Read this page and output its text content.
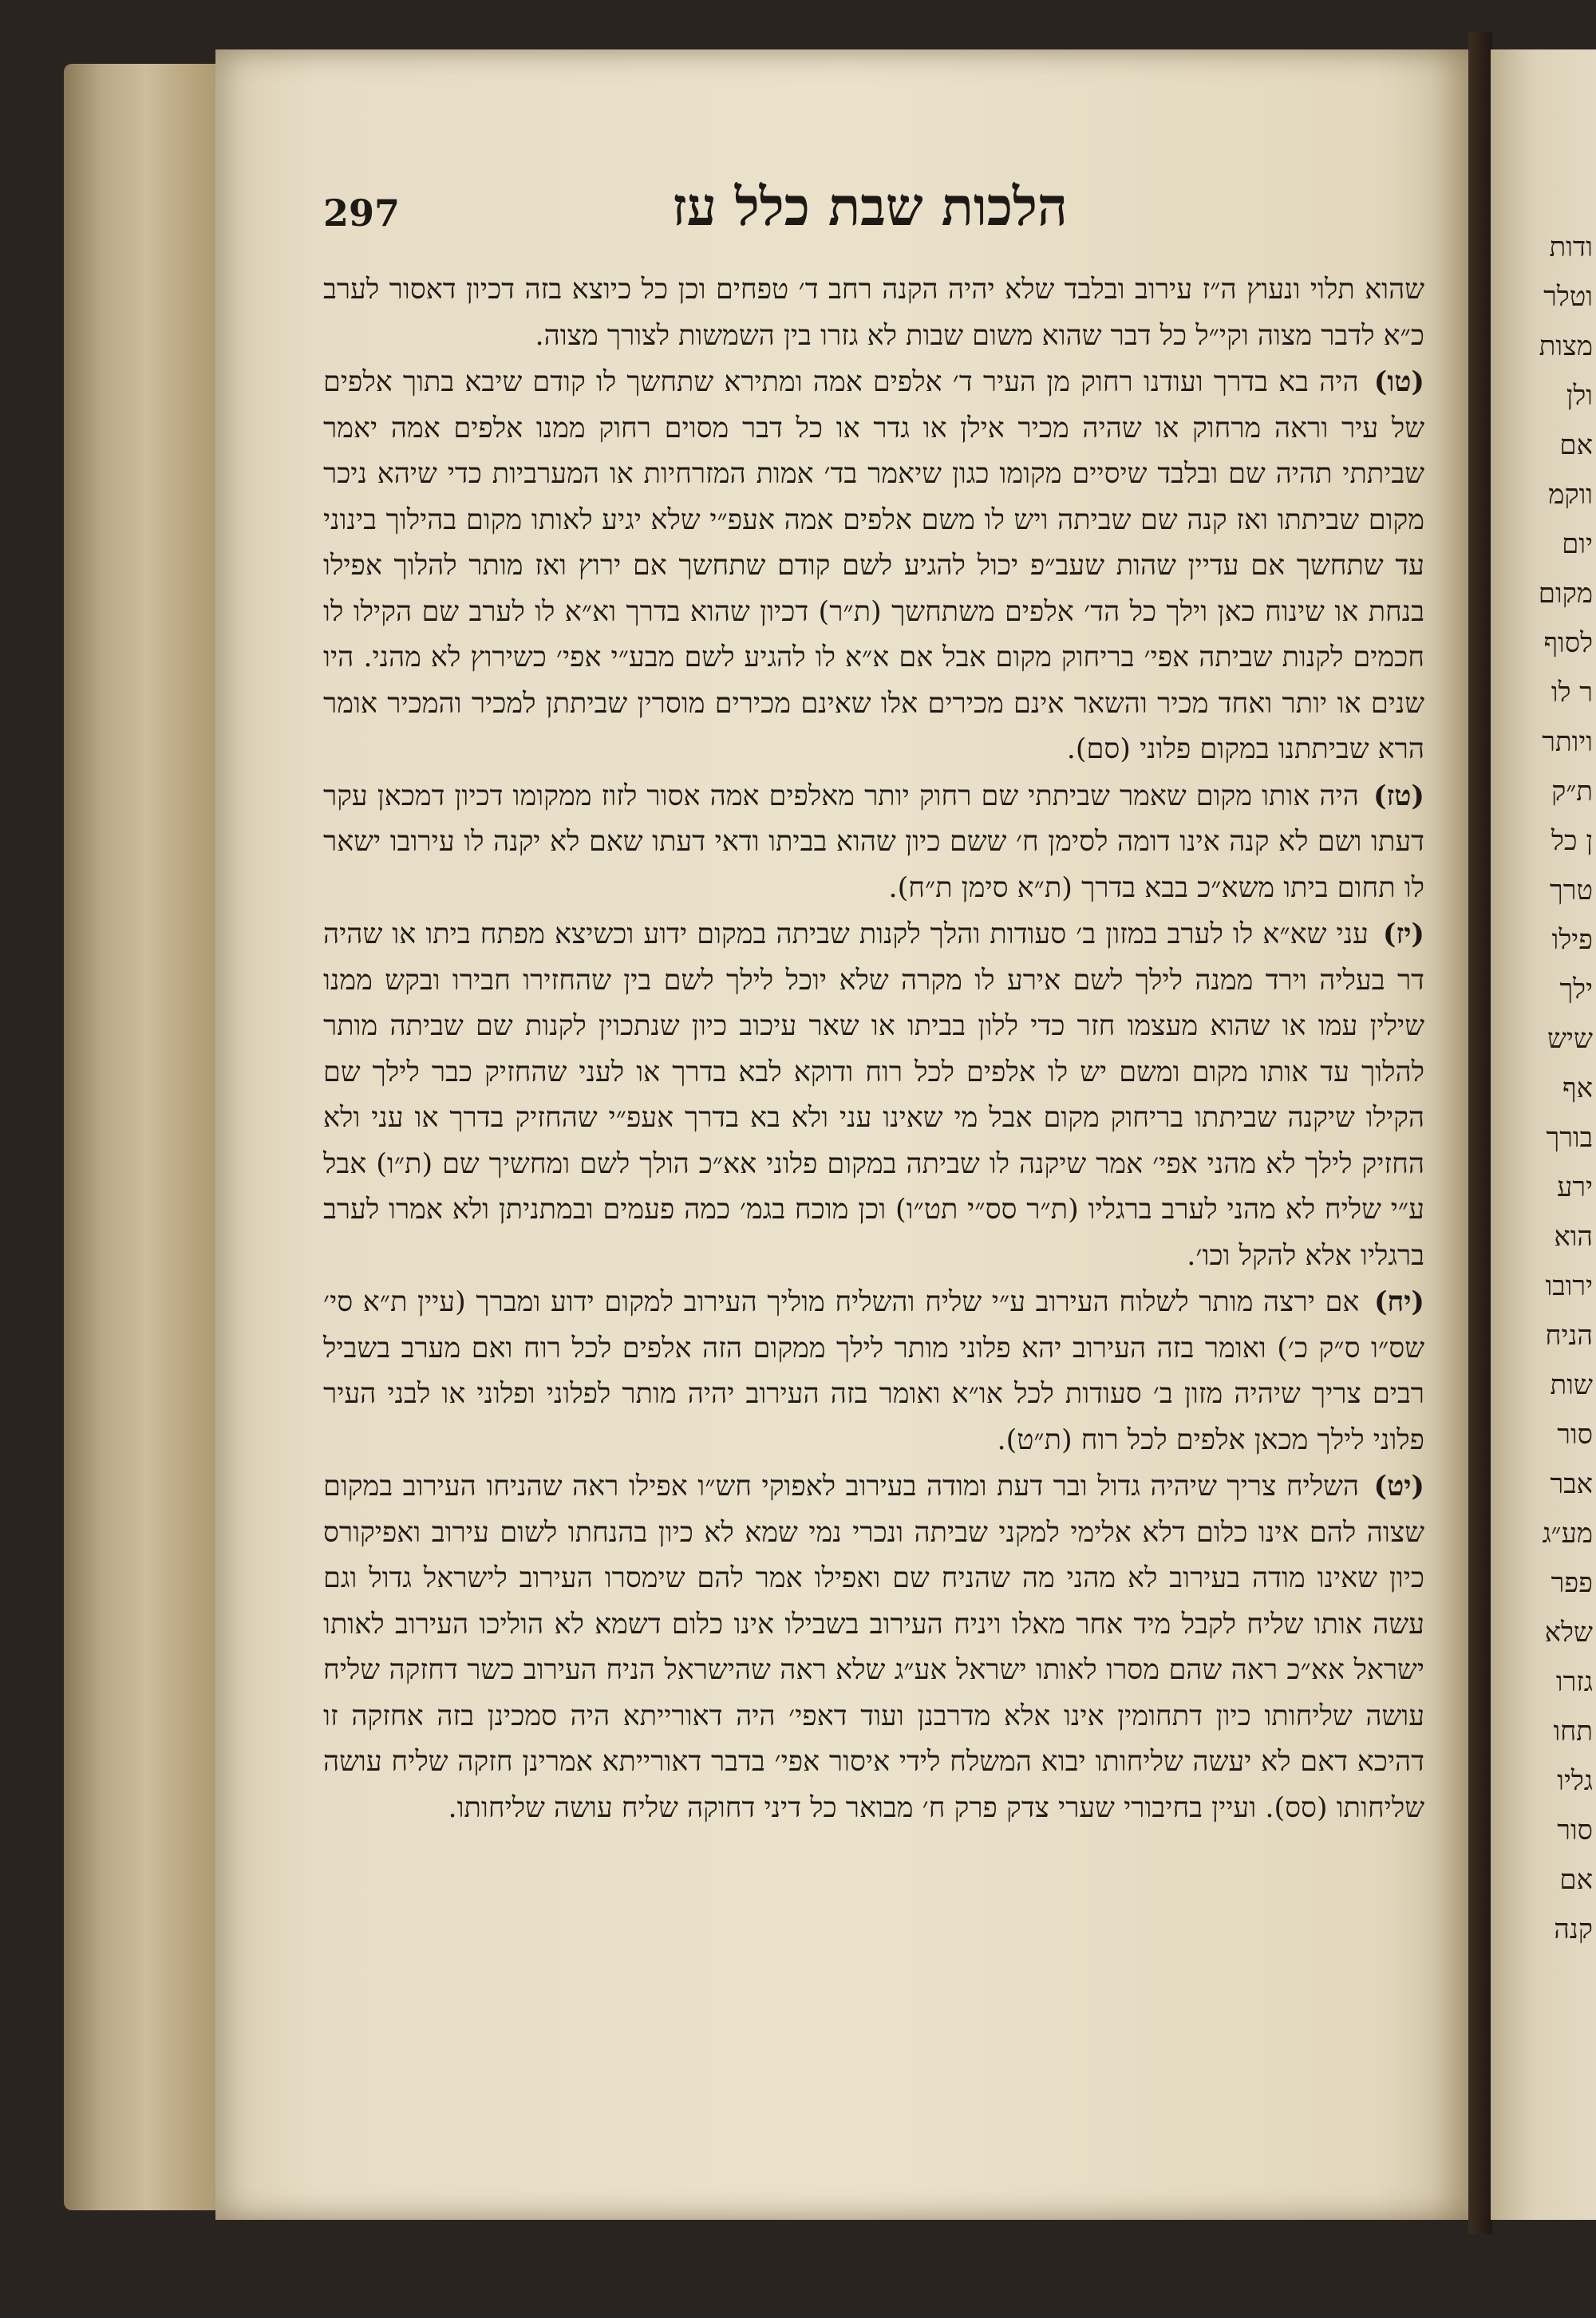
ודות
וטלר
מצות
ולן
אם
ווקמ
יום
מקום
לסוף
ר לו
ויותר
ת״ק
ן כל
טרך
פילו
ילך
שיש
אף
בורך
ירע
הוא
ירובו
הניח
שות
סור
אבר
מע״ג
פפר
שלא
גזרו
תחו
גליו
סור
אם
קנה
297	הלכות שבת כלל עז

שהוא תלוי ונעוץ ה״ז עירוב ובלבד שלא יהיה הקנה רחב ד׳ טפחים וכן כל כיוצא בזה דכיון דאסור לערב כ״א לדבר מצוה וקי״ל כל דבר שהוא משום שבות לא גזרו בין השמשות לצורך מצוה.

(טו) היה בא בדרך ועודנו רחוק מן העיר ד׳ אלפים אמה ומתירא שתחשך לו קודם שיבא בתוך אלפים של עיר וראה מרחוק או שהיה מכיר אילן או גדר או כל דבר מסוים רחוק ממנו אלפים אמה יאמר שביתתי תהיה שם ובלבד שיסיים מקומו כגון שיאמר בד׳ אמות המזרחיות או המערביות כדי שיהא ניכר מקום שביתתו ואז קנה שם שביתה ויש לו משם אלפים אמה אעפ״י שלא יגיע לאותו מקום בהילוך בינוני עד שתחשך אם עדיין שהות שעב״פ יכול להגיע לשם קודם שתחשך אם ירוץ ואז מותר להלוך אפילו בנחת או שינוח כאן וילך כל הד׳ אלפים משתחשך (ת״ר) דכיון שהוא בדרך וא״א לו לערב שם הקילו לו חכמים לקנות שביתה אפי׳ בריחוק מקום אבל אם א״א לו להגיע לשם מבע״י אפי׳ כשירוץ לא מהני. היו שנים או יותר ואחד מכיר והשאר אינם מכירים אלו שאינם מכירים מוסרין שביתתן למכיר והמכיר אומר הרא שביתתנו במקום פלוני (סם).

(טז) היה אותו מקום שאמר שביתתי שם רחוק יותר מאלפים אמה אסור לזוז ממקומו דכיון דמכאן עקר דעתו ושם לא קנה אינו דומה לסימן ח׳ ששם כיון שהוא בביתו ודאי דעתו שאם לא יקנה לו עירובו ישאר לו תחום ביתו משא״כ בבא בדרך (ת״א סימן ת״ח).

(יז) עני שא״א לו לערב במזון ב׳ סעודות והלך לקנות שביתה במקום ידוע וכשיצא מפתח ביתו או שהיה דר בעליה וירד ממנה לילך לשם אירע לו מקרה שלא יוכל לילך לשם בין שהחזירו חבירו ובקש ממנו שילין עמו או שהוא מעצמו חזר כדי ללון בביתו או שאר עיכוב כיון שנתכוין לקנות שם שביתה מותר להלוך עד אותו מקום ומשם יש לו אלפים לכל רוח ודוקא לבא בדרך או לעני שהחזיק כבר לילך שם הקילו שיקנה שביתתו בריחוק מקום אבל מי שאינו עני ולא בא בדרך אעפ״י שהחזיק בדרך או עני ולא החזיק לילך לא מהני אפי׳ אמר שיקנה לו שביתה במקום פלוני אא״כ הולך לשם ומחשיך שם (ת״ו) אבל ע״י שליח לא מהני לערב ברגליו (ת״ר סס״י תט״ו) וכן מוכח בגמ׳ כמה פעמים ובמתניתן ולא אמרו לערב ברגליו אלא להקל וכו׳.

(יח) אם ירצה מותר לשלוח העירוב ע״י שליח והשליח מוליך העירוב למקום ידוע ומברך (עיין ת״א סי׳ שס״ו ס״ק כ׳) ואומר בזה העירוב יהא פלוני מותר לילך ממקום הזה אלפים לכל רוח ואם מערב בשביל רבים צריך שיהיה מזון ב׳ סעודות לכל או״א ואומר בזה העירוב יהיה מותר לפלוני ופלוני או לבני העיר פלוני לילך מכאן אלפים לכל רוח (ת״ט).

(יט) השליח צריך שיהיה גדול ובר דעת ומודה בעירוב לאפוקי חש״ו אפילו ראה שהניחו העירוב במקום שצוה להם אינו כלום דלא אלימי למקני שביתה ונכרי נמי שמא לא כיון בהנחתו לשום עירוב ואפיקורס כיון שאינו מודה בעירוב לא מהני מה שהניח שם ואפילו אמר להם שימסרו העירוב לישראל גדול וגם עשה אותו שליח לקבל מיד אחר מאלו ויניח העירוב בשבילו אינו כלום דשמא לא הוליכו העירוב לאותו ישראל אא״כ ראה שהם מסרו לאותו ישראל אע״ג שלא ראה שהישראל הניח העירוב כשר דחזקה שליח עושה שליחותו כיון דתחומין אינו אלא מדרבנן ועוד דאפי׳ היה דאורייתא היה סמכינן בזה אחזקה זו דהיכא דאם לא יעשה שליחותו יבוא המשלח לידי איסור אפי׳ בדבר דאורייתא אמרינן חזקה שליח עושה שליחותו (סס). ועיין בחיבורי שערי צדק פרק ח׳ מבואר כל דיני דחוקה שליח עושה שליחותו.
